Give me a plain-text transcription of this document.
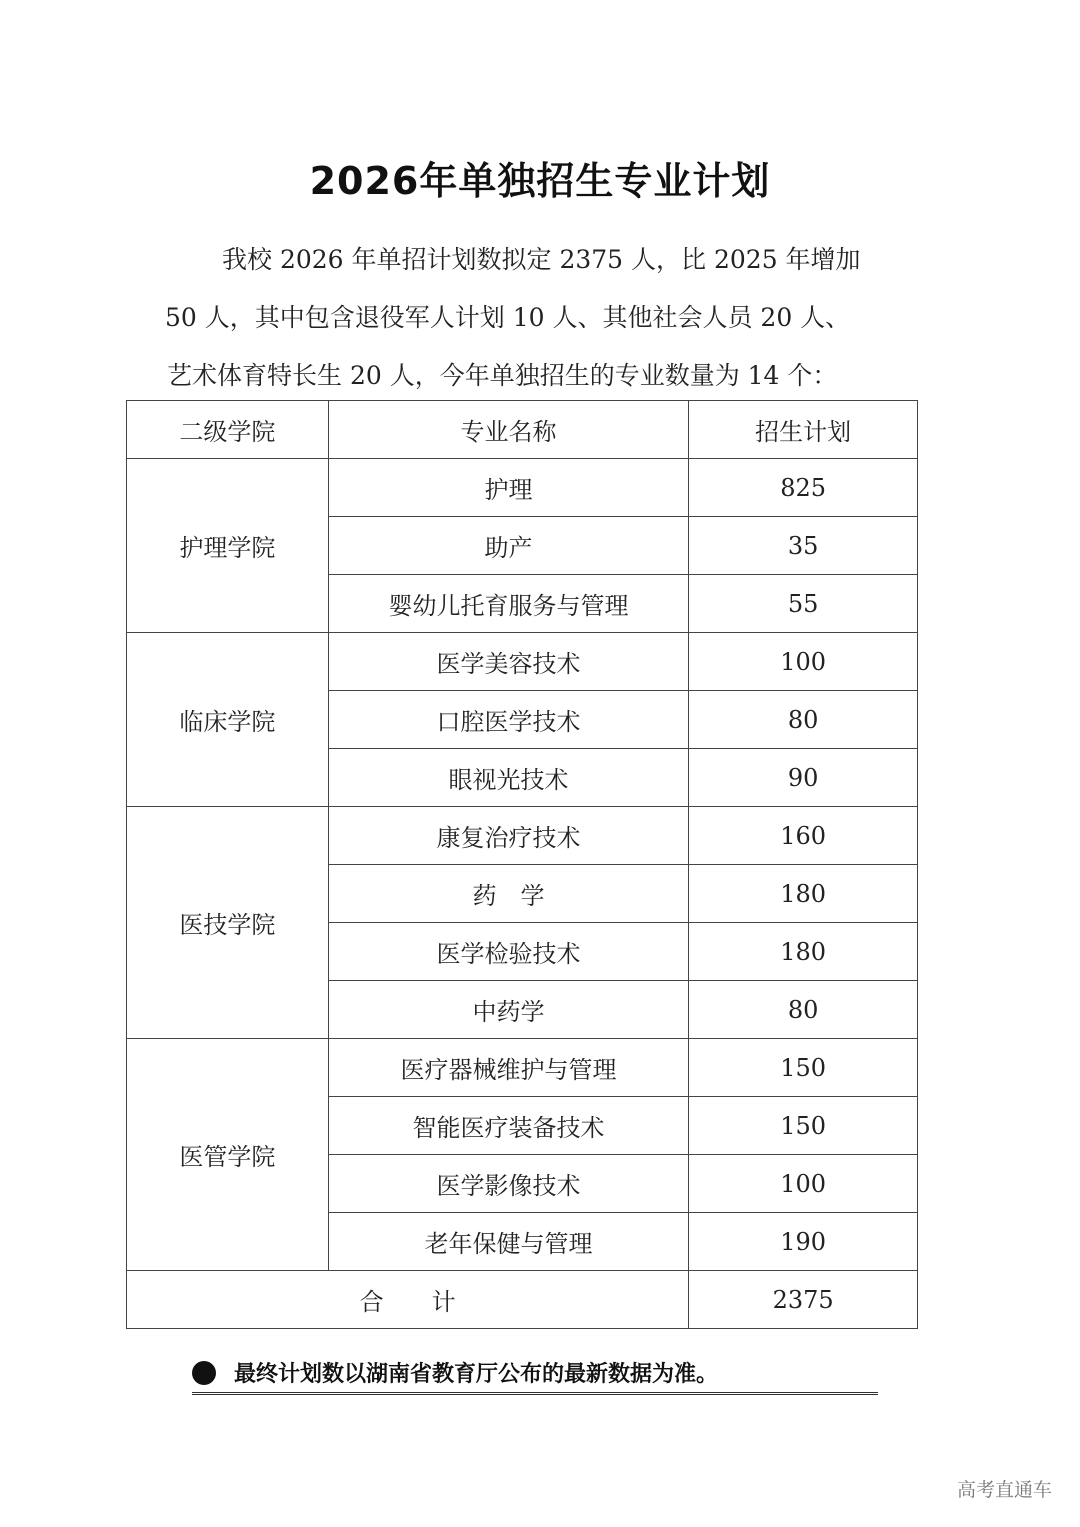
2026年单独招生专业计划
我校 2026 年单招计划数拟定 2375 人，比 2025 年增加
50 人，其中包含退役军人计划 10 人、其他社会人员 20 人、
艺术体育特长生 20 人，今年单独招生的专业数量为 14 个：
二级学院	专业名称	招生计划
护理学院	护理	825
	助产	35
	婴幼儿托育服务与管理	55
临床学院	医学美容技术	100
	口腔医学技术	80
	眼视光技术	90
医技学院	康复治疗技术	160
	药　学	180
	医学检验技术	180
	中药学	80
医管学院	医疗器械维护与管理	150
	智能医疗装备技术	150
	医学影像技术	100
	老年保健与管理	190
合　　计		2375
最终计划数以湖南省教育厅公布的最新数据为准。
高考直通车
